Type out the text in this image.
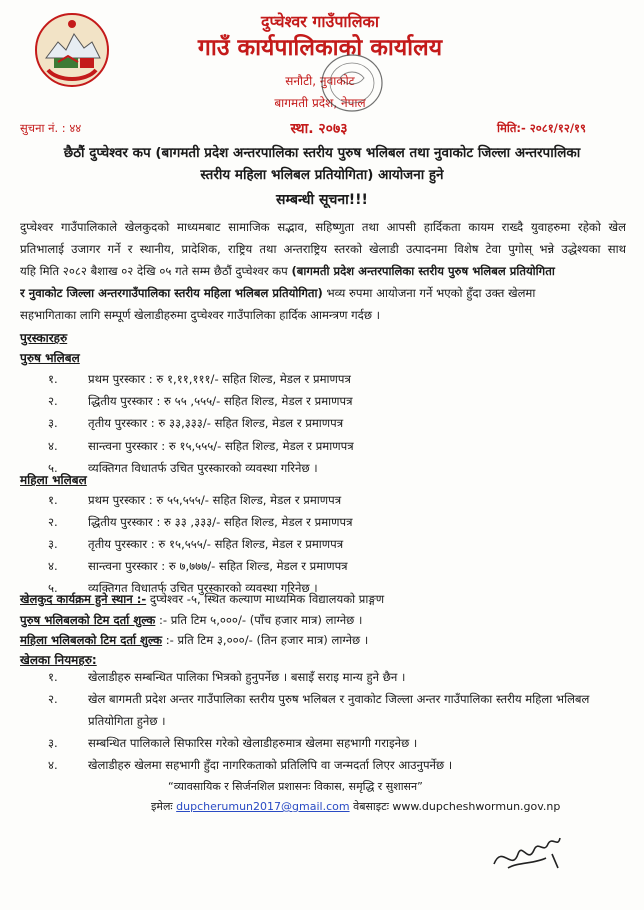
दुप्चेश्वर गाउँपालिका
गाउँ कार्यपालिकाको कार्यालय
सनौटी, नुवाकोट
बागमती प्रदेश, नेपाल
स्था. २०७३
सुचना नं. : ४४	मिति:- २०८१/१२/१९
छैठौं दुप्चेश्वर कप (बागमती प्रदेश अन्तरपालिका स्तरीय पुरुष भलिबल तथा नुवाकोट जिल्ला अन्तरपालिका
स्तरीय महिला भलिबल प्रतियोगिता) आयोजना हुने
सम्बन्धी सूचना!!!
दुप्चेश्वर गाउँपालिकाले खेलकुदको माध्यमबाट सामाजिक सद्भाव, सहिष्णुता तथा आपसी हार्दिकता कायम राख्दै युवाहरुमा रहेको खेल
प्रतिभालाई उजागर गर्ने र स्थानीय, प्रादेशिक, राष्ट्रिय तथा अन्तराष्ट्रिय स्तरको खेलाडी उत्पादनमा विशेष टेवा पुगोस् भन्ने उद्धेश्यका साथ
यहि मिति २०८२ बैशाख ०२ देखि ०५ गते सम्म छैठौं दुप्चेश्वर कप (बागमती प्रदेश अन्तरपालिका स्तरीय पुरुष भलिबल प्रतियोगिता
र नुवाकोट जिल्ला अन्तरगाउँपालिका स्तरीय महिला भलिबल प्रतियोगिता) भव्य रुपमा आयोजना गर्ने भएको हुँदा उक्त खेलमा
सहभागिताका लागि सम्पूर्ण खेलाडीहरुमा दुप्चेश्वर गाउँपालिका हार्दिक आमन्त्रण गर्दछ ।
पुरस्कारहरु
पुरुष भलिबल
१.	प्रथम पुरस्कार : रु १,११,१११/- सहित शिल्ड, मेडल र प्रमाणपत्र
२.	द्धितीय पुरस्कार : रु ५५ ,५५५/- सहित शिल्ड, मेडल र प्रमाणपत्र
३.	तृतीय पुरस्कार : रु ३३,३३३/- सहित शिल्ड, मेडल र प्रमाणपत्र
४.	सान्त्वना पुरस्कार : रु १५,५५५/- सहित शिल्ड, मेडल र प्रमाणपत्र
५.	व्यक्तिगत विधातर्फ उचित पुरस्कारको व्यवस्था गरिनेछ ।
महिला भलिबल
१.	प्रथम पुरस्कार : रु ५५,५५५/- सहित शिल्ड, मेडल र प्रमाणपत्र
२.	द्धितीय पुरस्कार : रु ३३ ,३३३/- सहित शिल्ड, मेडल र प्रमाणपत्र
३.	तृतीय पुरस्कार : रु १५,५५५/- सहित शिल्ड, मेडल र प्रमाणपत्र
४.	सान्त्वना पुरस्कार : रु ७,७७७/- सहित शिल्ड, मेडल र प्रमाणपत्र
५.	व्यक्तिगत विधातर्फ उचित पुरस्कारको व्यवस्था गरिनेछ ।
खेलकुद कार्यक्रम हुने स्थान :- दुप्चेश्वर -५, स्थित कल्याण माध्यमिक विद्यालयको प्राङ्गण
पुरुष भलिबलको टिम दर्ता शुल्क :- प्रति टिम ५,०००/- (पाँच हजार मात्र) लाग्नेछ ।
महिला भलिबलको टिम दर्ता शुल्क :- प्रति टिम ३,०००/- (तिन हजार मात्र) लाग्नेछ ।
खेलका नियमहरु:
१.	खेलाडीहरु सम्बन्धित पालिका भित्रको हुनुपर्नेछ । बसाइँ सराइ मान्य हुने छैन ।
२.	खेल बागमती प्रदेश अन्तर गाउँपालिका स्तरीय पुरुष भलिबल र नुवाकोट जिल्ला अन्तर गाउँपालिका स्तरीय महिला भलिबल प्रतियोगिता हुनेछ ।
३.	सम्बन्धित पालिकाले सिफारिस गरेको खेलाडीहरुमात्र खेलमा सहभागी गराइनेछ ।
४.	खेलाडीहरु खेलमा सहभागी हुँदा नागरिकताको प्रतिलिपि वा जन्मदर्ता लिएर आउनुपर्नेछ ।
“व्यावसायिक र सिर्जनशिल प्रशासनः विकास, समृद्धि र सुशासन”
इमेलः dupcherumun2017@gmail.com वेबसाइटः www.dupcheshwormun.gov.np
